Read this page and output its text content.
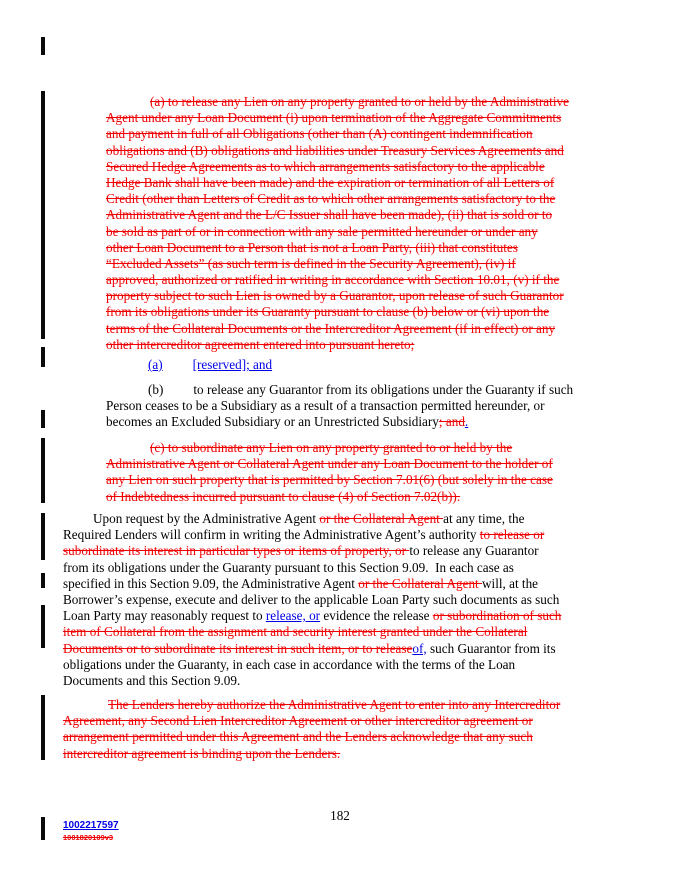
(a) to release any Lien on any property granted to or held by the Administrative
Agent under any Loan Document (i) upon termination of the Aggregate Commitments
and payment in full of all Obligations (other than (A) contingent indemnification
obligations and (B) obligations and liabilities under Treasury Services Agreements and
Secured Hedge Agreements as to which arrangements satisfactory to the applicable
Hedge Bank shall have been made) and the expiration or termination of all Letters of
Credit (other than Letters of Credit as to which other arrangements satisfactory to the
Administrative Agent and the L/C Issuer shall have been made), (ii) that is sold or to
be sold as part of or in connection with any sale permitted hereunder or under any
other Loan Document to a Person that is not a Loan Party, (iii) that constitutes
“Excluded Assets” (as such term is defined in the Security Agreement), (iv) if
approved, authorized or ratified in writing in accordance with Section 10.01, (v) if the
property subject to such Lien is owned by a Guarantor, upon release of such Guarantor
from its obligations under its Guaranty pursuant to clause (b) below or (vi) upon the
terms of the Collateral Documents or the Intercreditor Agreement (if in effect) or any
other intercreditor agreement entered into pursuant hereto;
(a) [reserved]; and
(b) to release any Guarantor from its obligations under the Guaranty if such
Person ceases to be a Subsidiary as a result of a transaction permitted hereunder, or
becomes an Excluded Subsidiary or an Unrestricted Subsidiary; and.
(c) to subordinate any Lien on any property granted to or held by the
Administrative Agent or Collateral Agent under any Loan Document to the holder of
any Lien on such property that is permitted by Section 7.01(6) (but solely in the case
of Indebtedness incurred pursuant to clause (4) of Section 7.02(b)).
Upon request by the Administrative Agent or the Collateral Agent at any time, the
Required Lenders will confirm in writing the Administrative Agent’s authority to release or
subordinate its interest in particular types or items of property, or to release any Guarantor
from its obligations under the Guaranty pursuant to this Section 9.09.  In each case as
specified in this Section 9.09, the Administrative Agent or the Collateral Agent will, at the
Borrower’s expense, execute and deliver to the applicable Loan Party such documents as such
Loan Party may reasonably request to release, or evidence the release or subordination of such
item of Collateral from the assignment and security interest granted under the Collateral
Documents or to subordinate its interest in such item, or to releaseof, such Guarantor from its
obligations under the Guaranty, in each case in accordance with the terms of the Loan
Documents and this Section 9.09.
The Lenders hereby authorize the Administrative Agent to enter into any Intercreditor
Agreement, any Second Lien Intercreditor Agreement or other intercreditor agreement or
arrangement permitted under this Agreement and the Lenders acknowledge that any such
intercreditor agreement is binding upon the Lenders.
182
1002217597
1001820109v3
